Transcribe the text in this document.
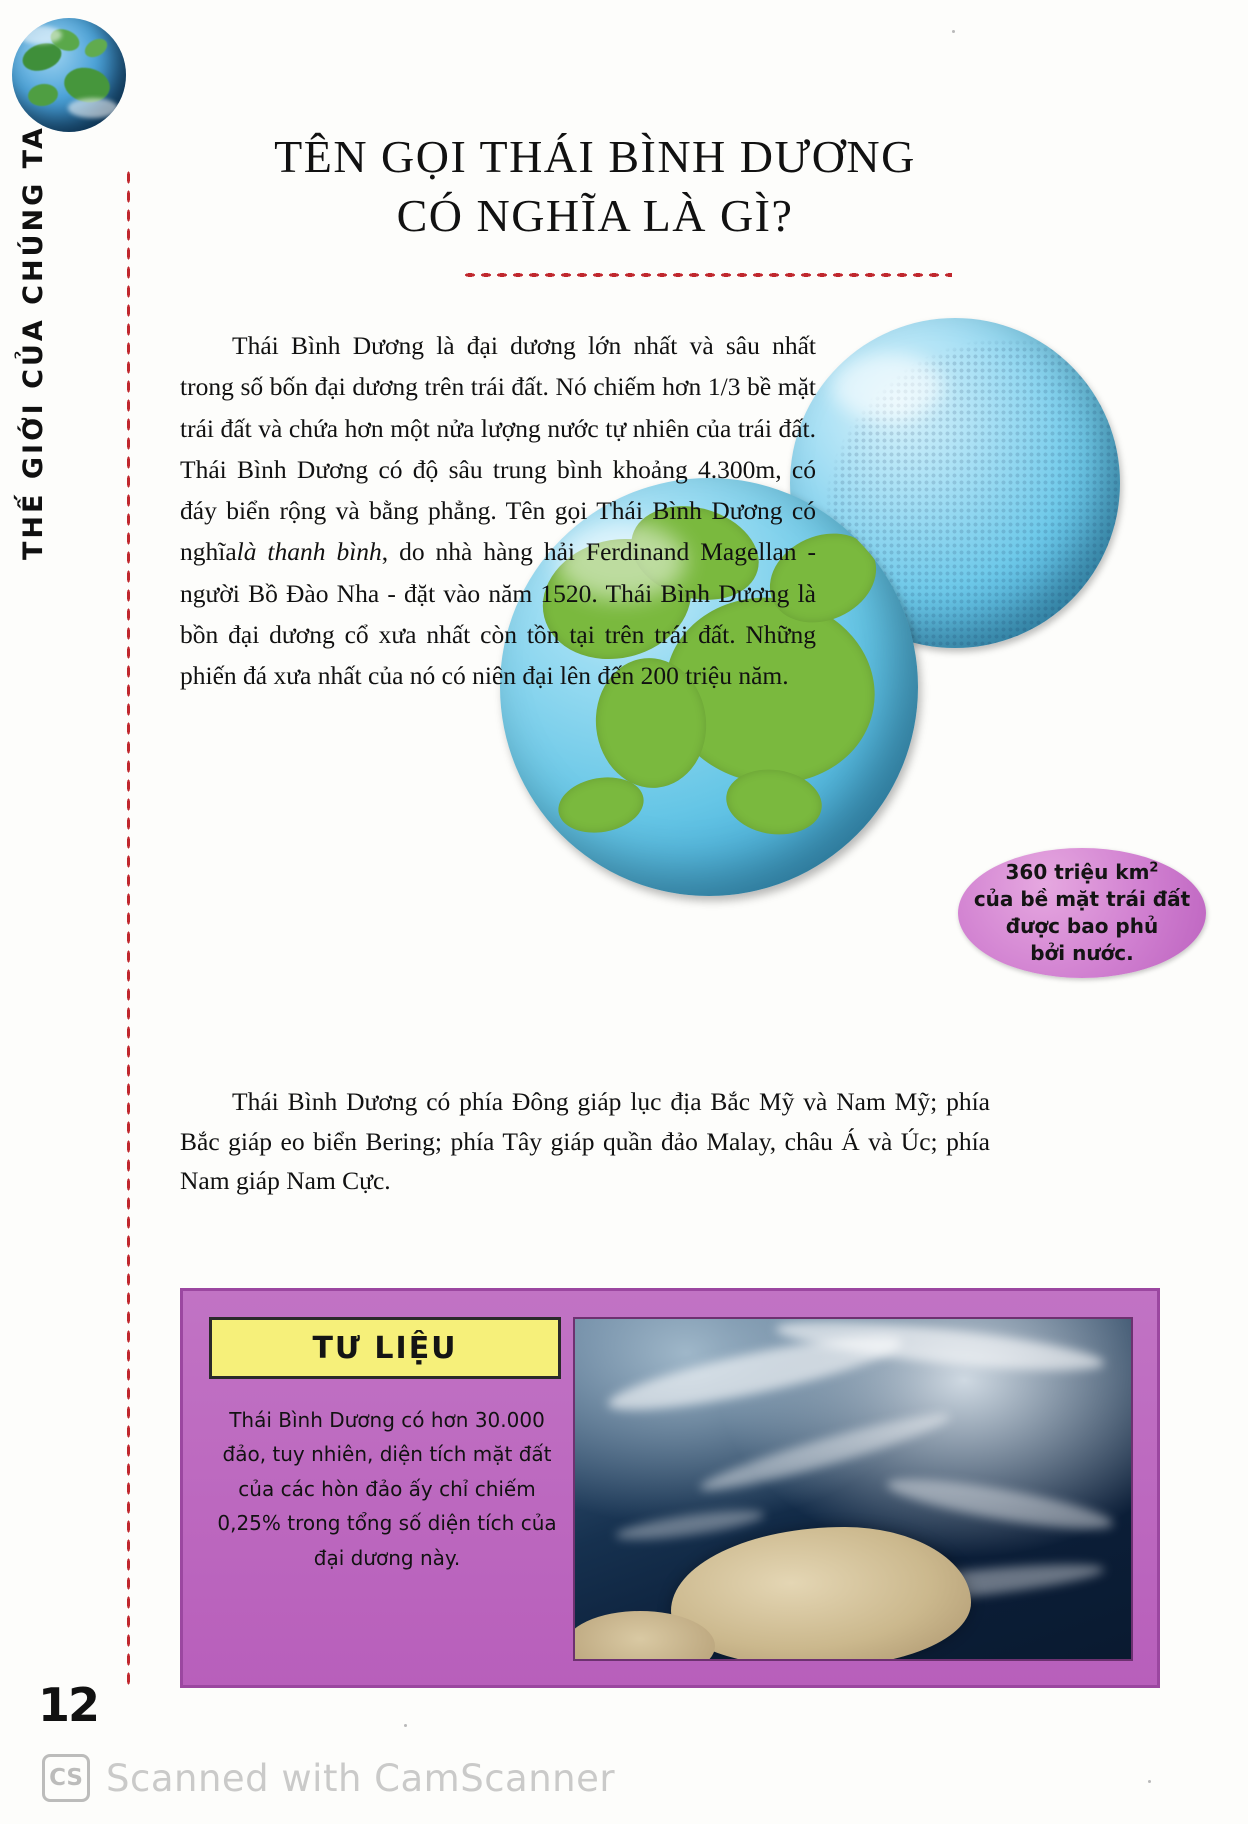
THẾ GIỚI CỦA CHÚNG TA	TÊN GỌI THÁI BÌNH DƯƠNG
CÓ NGHĨA LÀ GÌ?

Thái Bình Dương là đại dương lớn nhất và sâu nhất trong số bốn đại dương trên trái đất. Nó chiếm hơn 1/3 bề mặt trái đất và chứa hơn một nửa lượng nước tự nhiên của trái đất. Thái Bình Dương có độ sâu trung bình khoảng 4.300m, có đáy biển rộng và bằng phẳng. Tên gọi Thái Bình Dương có nghĩalà thanh bình, do nhà hàng hải Ferdinand Magellan - người Bồ Đào Nha - đặt vào năm 1520. Thái Bình Dương là bồn đại dương cổ xưa nhất còn tồn tại trên trái đất. Những phiến đá xưa nhất của nó có niên đại lên đến 200 triệu năm.

Thái Bình Dương có phía Đông giáp lục địa Bắc Mỹ và Nam Mỹ; phía Bắc giáp eo biển Bering; phía Tây giáp quần đảo Malay, châu Á và Úc; phía Nam giáp Nam Cực.

360 triệu $km^2$
của bề mặt trái đất
được bao phủ
bởi nước.
TƯ LIỆU
Thái Bình Dương có hơn 30.000 đảo, tuy nhiên, diện tích mặt đất của các hòn đảo ấy chỉ chiếm 0,25% trong tổng số diện tích của đại dương này.
12
CS Scanned with CamScanner
